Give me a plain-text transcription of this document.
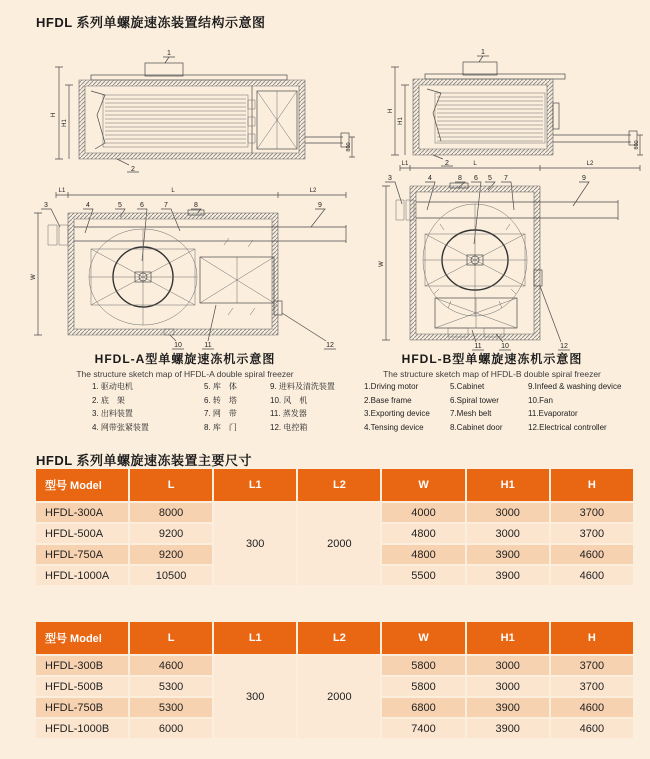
HFDL 系列单螺旋速冻装置结构示意图
H
H1
1
800
2
H
H1
1
800
2
L1	L	L2
3	4	5	6	7	8	9
W
10	11	12
L1	L	L2
3	4	8 6 5 7	9
W
11	10	12
HFDL-A型单螺旋速冻机示意图
The structure sketch map of HFDL-A double spiral freezer
HFDL-B型单螺旋速冻机示意图
The structure sketch map of HFDL-B double spiral freezer
1. 驱动电机
2. 底　架
3. 出料装置
4. 网带张紧装置
5. 库　体
6. 转　塔
7. 网　带
8. 库　门
9. 进料及清洗装置
10. 风　机
11. 蒸发器
12. 电控箱
1.Driving motor
2.Base frame
3.Exporting device
4.Tensing device
5.Cabinet
6.Spiral tower
7.Mesh belt
8.Cabinet door
9.Infeed & washing device
10.Fan
11.Evaporator
12.Electrical controller
HFDL 系列单螺旋速冻装置主要尺寸
型号 Model	L	L1	L2	W	H1	H
HFDL-300A	8000	300	2000	4000	3000	3700
HFDL-500A	9200			4800	3000	3700
HFDL-750A	9200			4800	3900	4600
HFDL-1000A	10500			5500	3900	4600
型号 Model	L	L1	L2	W	H1	H
HFDL-300B	4600	300	2000	5800	3000	3700
HFDL-500B	5300			5800	3000	3700
HFDL-750B	5300			6800	3900	4600
HFDL-1000B	6000			7400	3900	4600
